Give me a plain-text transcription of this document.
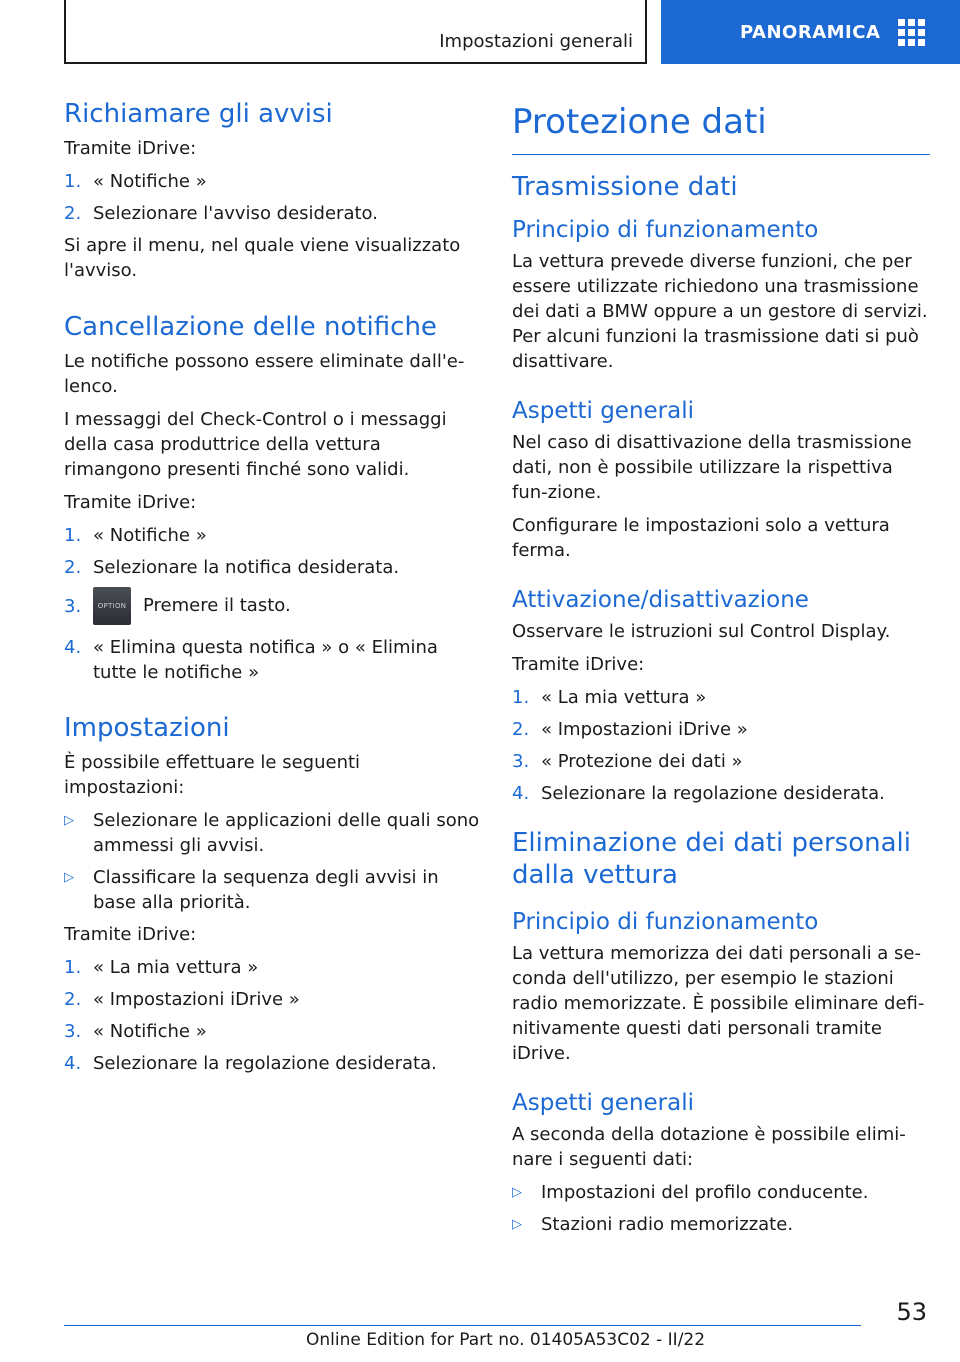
Impostazioni generali	PANORAMICA
Richiamare gli avvisi
Tramite iDrive:
1. « Notifiche »
2. Selezionare l'avviso desiderato.
Si apre il menu, nel quale viene visualizzato l'avviso.
Cancellazione delle notifiche
Le notifiche possono essere eliminate dall'e-lenco.
I messaggi del Check-Control o i messaggi della casa produttrice della vettura rimangono presenti finché sono validi.
Tramite iDrive:
1. « Notifiche »
2. Selezionare la notifica desiderata.
3.	OPTION Premere il tasto.
4. « Elimina questa notifica » o « Elimina tutte le notifiche »
Impostazioni
È possibile effettuare le seguenti impostazioni:
▷	Selezionare le applicazioni delle quali sono ammessi gli avvisi.
▷	Classificare la sequenza degli avvisi in base alla priorità.
Tramite iDrive:
1. « La mia vettura »
2. « Impostazioni iDrive »
3. « Notifiche »
4. Selezionare la regolazione desiderata.
Protezione dati
Trasmissione dati
Principio di funzionamento
La vettura prevede diverse funzioni, che per essere utilizzate richiedono una trasmissione dei dati a BMW oppure a un gestore di servizi. Per alcuni funzioni la trasmissione dati si può disattivare.
Aspetti generali
Nel caso di disattivazione della trasmissione dati, non è possibile utilizzare la rispettiva fun-zione.
Configurare le impostazioni solo a vettura ferma.
Attivazione/disattivazione
Osservare le istruzioni sul Control Display.
Tramite iDrive:
1. « La mia vettura »
2. « Impostazioni iDrive »
3. « Protezione dei dati »
4. Selezionare la regolazione desiderata.
Eliminazione dei dati personali dalla vettura
Principio di funzionamento
La vettura memorizza dei dati personali a se-conda dell'utilizzo, per esempio le stazioni radio memorizzate. È possibile eliminare defi-nitivamente questi dati personali tramite iDrive.
Aspetti generali
A seconda della dotazione è possibile elimi-nare i seguenti dati:
▷	Impostazioni del profilo conducente.
▷	Stazioni radio memorizzate.
53
Online Edition for Part no. 01405A53C02 - II/22
